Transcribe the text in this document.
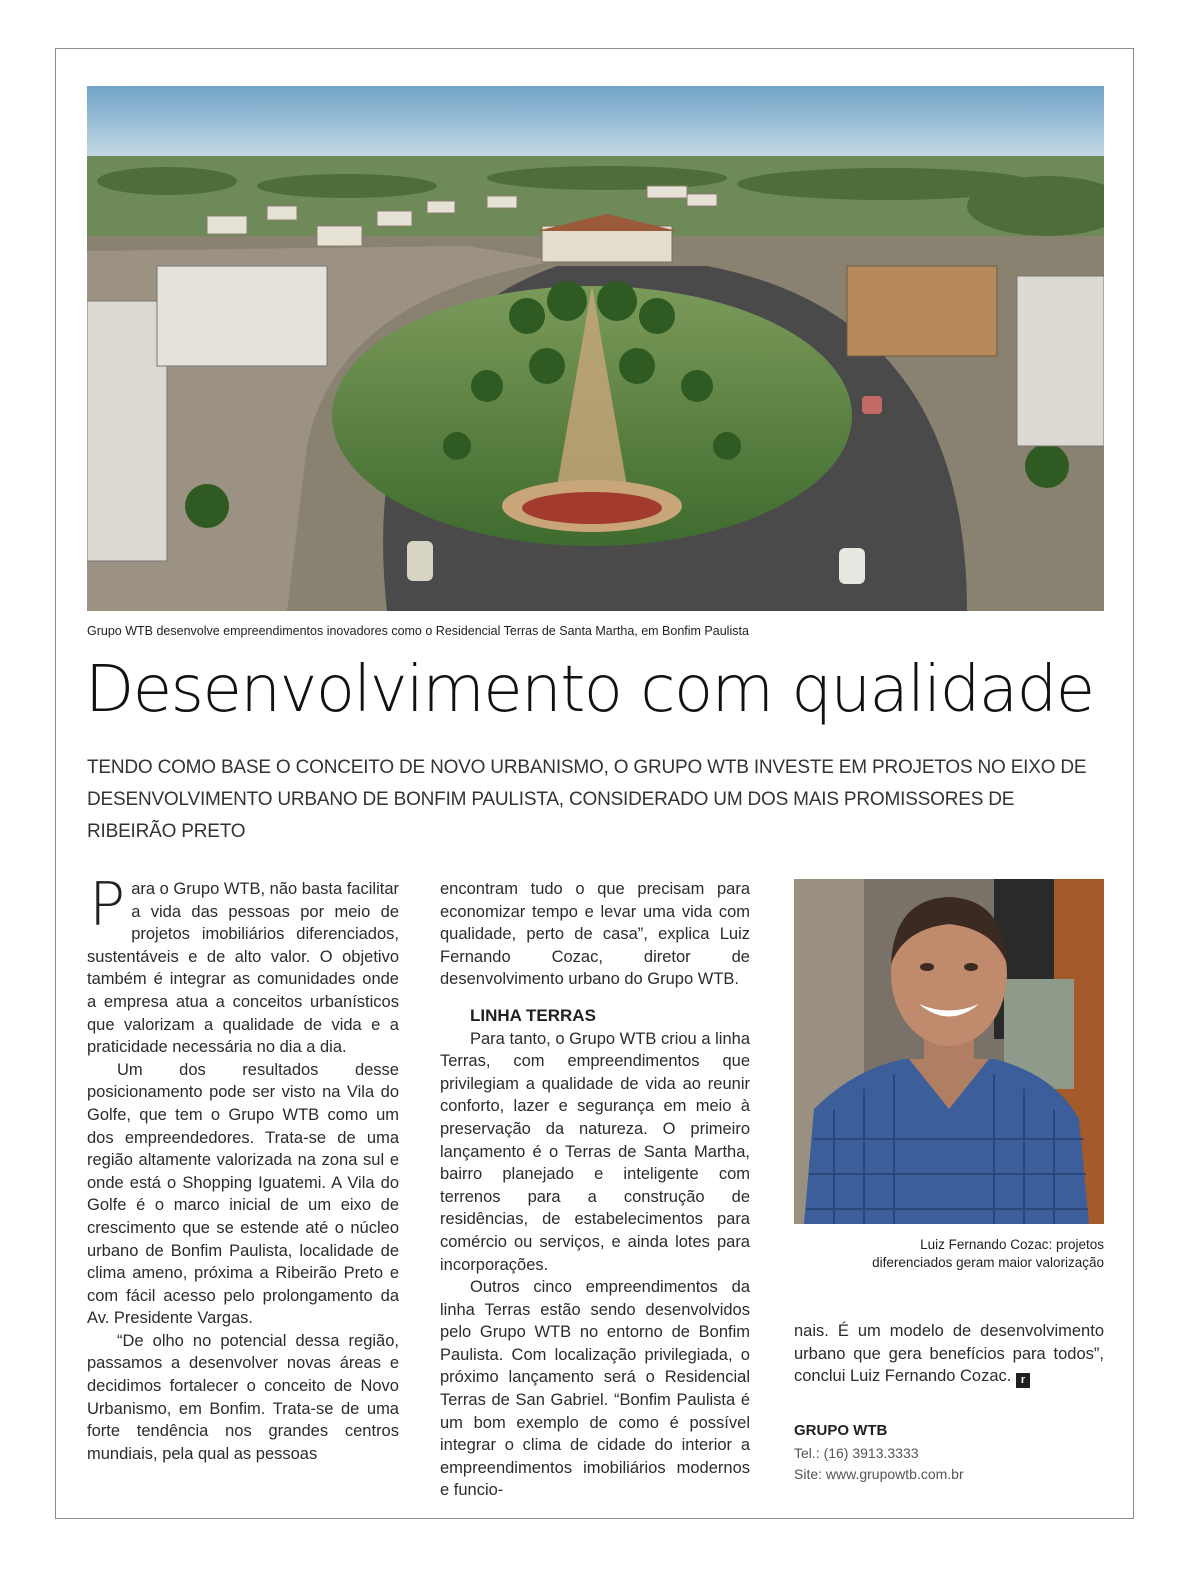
Grupo WTB desenvolve empreendimentos inovadores como o Residencial Terras de Santa Martha, em Bonfim Paulista
Desenvolvimento com qualidade
TENDO COMO BASE O CONCEITO DE NOVO URBANISMO, O GRUPO WTB INVESTE EM PROJETOS NO EIXO DE
DESENVOLVIMENTO URBANO DE BONFIM PAULISTA, CONSIDERADO UM DOS MAIS PROMISSORES DE RIBEIRÃO PRETO

Para o Grupo WTB, não basta facilitar a vida das pessoas por meio de projetos imobiliários diferenciados, sustentáveis e de alto valor. O objetivo também é integrar as comunidades onde a empresa atua a conceitos urbanísticos que valorizam a qualidade de vida e a praticidade necessária no dia a dia.

Um dos resultados desse posicionamento pode ser visto na Vila do Golfe, que tem o Grupo WTB como um dos empreendedores. Trata-se de uma região altamente valorizada na zona sul e onde está o Shopping Iguatemi. A Vila do Golfe é o marco inicial de um eixo de crescimento que se estende até o núcleo urbano de Bonfim Paulista, localidade de clima ameno, próxima a Ribeirão Preto e com fácil acesso pelo prolongamento da Av. Presidente Vargas.

“De olho no potencial dessa região, passamos a desenvolver novas áreas e decidimos fortalecer o conceito de Novo Urbanismo, em Bonfim. Trata-se de uma forte tendência nos grandes centros mundiais, pela qual as pessoas

encontram tudo o que precisam para economizar tempo e levar uma vida com qualidade, perto de casa”, explica Luiz Fernando Cozac, diretor de desenvolvimento urbano do Grupo WTB.

LINHA TERRAS

Para tanto, o Grupo WTB criou a linha Terras, com empreendimentos que privilegiam a qualidade de vida ao reunir conforto, lazer e segurança em meio à preservação da natureza. O primeiro lançamento é o Terras de Santa Martha, bairro planejado e inteligente com terrenos para a construção de residências, de estabelecimentos para comércio ou serviços, e ainda lotes para incorporações.

Outros cinco empreendimentos da linha Terras estão sendo desenvolvidos pelo Grupo WTB no entorno de Bonfim Paulista. Com localização privilegiada, o próximo lançamento será o Residencial Terras de San Gabriel. “Bonfim Paulista é um bom exemplo de como é possível integrar o clima de cidade do interior a empreendimentos imobiliários modernos e funcio-

Luiz Fernando Cozac: projetos
diferenciados geram maior valorização

nais. É um modelo de desenvolvimento urbano que gera benefícios para todos”, conclui Luiz Fernando Cozac. r

GRUPO WTB
Tel.: (16) 3913.3333
Site: www.grupowtb.com.br
